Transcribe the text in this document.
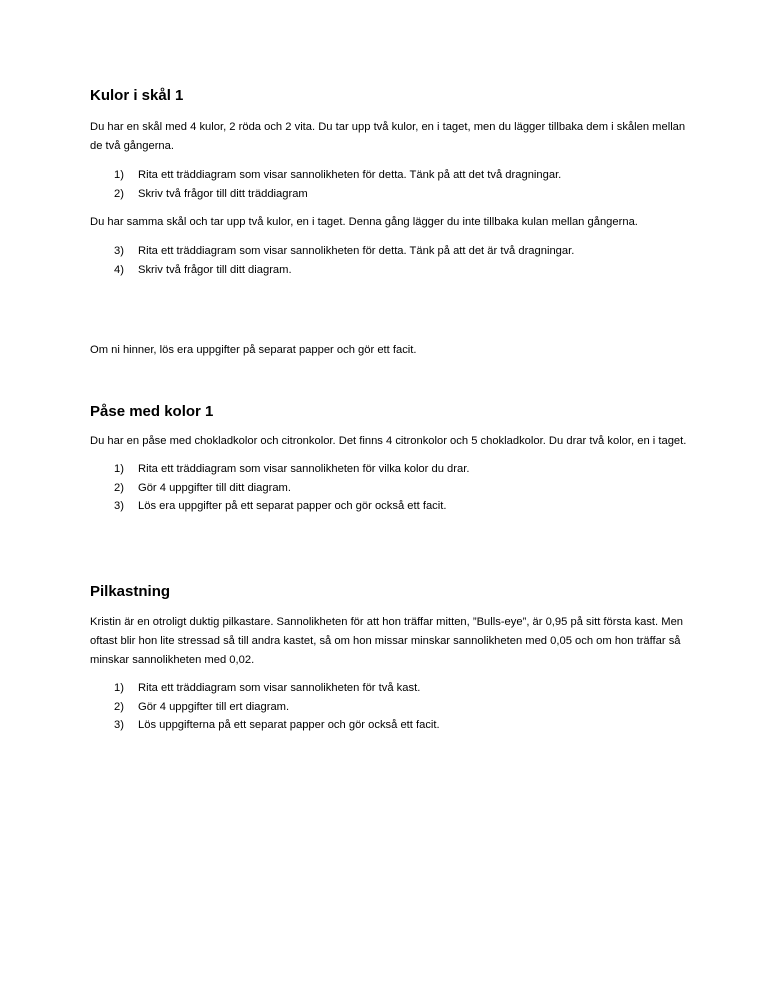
Kulor i skål 1

Du har en skål med 4 kulor, 2 röda och 2 vita. Du tar upp två kulor, en i taget, men du lägger tillbaka dem i skålen mellan de två gångerna.

1) Rita ett träddiagram som visar sannolikheten för detta. Tänk på att det två dragningar.
2) Skriv två frågor till ditt träddiagram

Du har samma skål och tar upp två kulor, en i taget. Denna gång lägger du inte tillbaka kulan mellan gångerna.

3) Rita ett träddiagram som visar sannolikheten för detta. Tänk på att det är två dragningar.
4) Skriv två frågor till ditt diagram.

Om ni hinner, lös era uppgifter på separat papper och gör ett facit.

Påse med kolor 1

Du har en påse med chokladkolor och citronkolor. Det finns 4 citronkolor och 5 chokladkolor. Du drar två kolor, en i taget.

1) Rita ett träddiagram som visar sannolikheten för vilka kolor du drar.
2) Gör 4 uppgifter till ditt diagram.
3) Lös era uppgifter på ett separat papper och gör också ett facit.
Pilkastning

Kristin är en otroligt duktig pilkastare. Sannolikheten för att hon träffar mitten, ”Bulls-eye”, är 0,95 på sitt första kast. Men oftast blir hon lite stressad så till andra kastet, så om hon missar minskar sannolikheten med 0,05 och om hon träffar så minskar sannolikheten med 0,02.

1) Rita ett träddiagram som visar sannolikheten för två kast.
2) Gör 4 uppgifter till ert diagram.
3) Lös uppgifterna på ett separat papper och gör också ett facit.
